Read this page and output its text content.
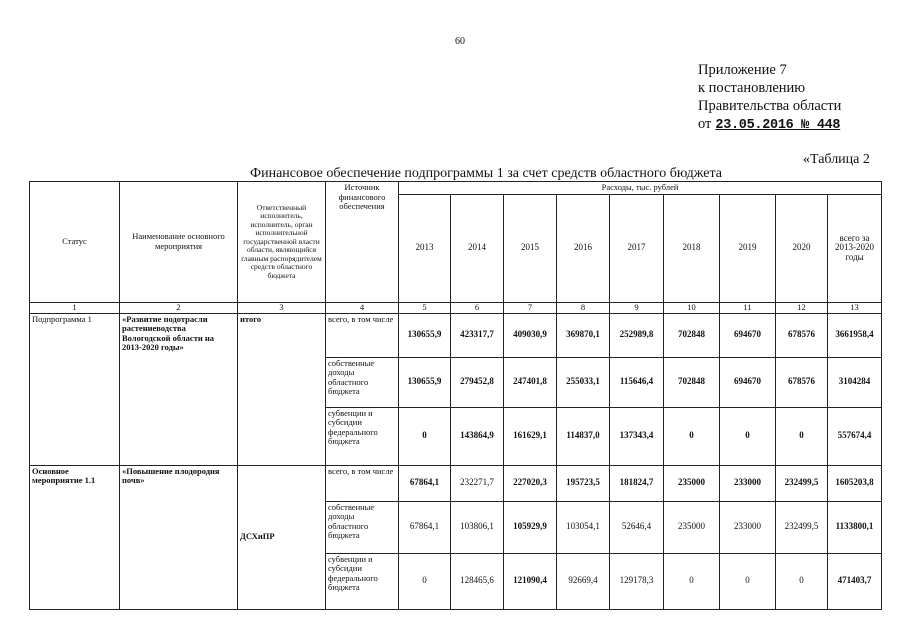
60
Приложение 7
к постановлению
Правительства области
от 23.05.2016 № 448
«Таблица 2
Финансовое обеспечение подпрограммы 1 за счет средств областного бюджета
Статус	Наименование основного мероприятия	Ответственный исполнитель, исполнитель, орган исполнительной государственной власти области, являющийся главным распорядителем средств областного бюджета	Источник финансового обеспечения	Расходы, тыс. рублей								
				2013	2014	2015	2016	2017	2018	2019	2020	всего за 2013-2020 годы
1	2	3	4	5	6	7	8	9	10	11	12	13
Подпрограмма 1	«Развитие подотрасли растениеводства Вологодской области на 2013-2020 годы»	итого	всего, в том числе	130655,9	423317,7	409030,9	369870,1	252989,8	702848	694670	678576	3661958,4
			собственные доходы областного бюджета	130655,9	279452,8	247401,8	255033,1	115646,4	702848	694670	678576	3104284
			субвенции и субсидии федерального бюджета	0	143864,9	161629,1	114837,0	137343,4	0	0	0	557674,4
Основное мероприятие 1.1	«Повышение плодородия почв»	ДСХиПР	всего, в том числе	67864,1	232271,7	227020,3	195723,5	181824,7	235000	233000	232499,5	1605203,8
			собственные доходы областного бюджета	67864,1	103806,1	105929,9	103054,1	52646,4	235000	233000	232499,5	1133800,1
			субвенции и субсидии федерального бюджета	0	128465,6	121090,4	92669,4	129178,3	0	0	0	471403,7
